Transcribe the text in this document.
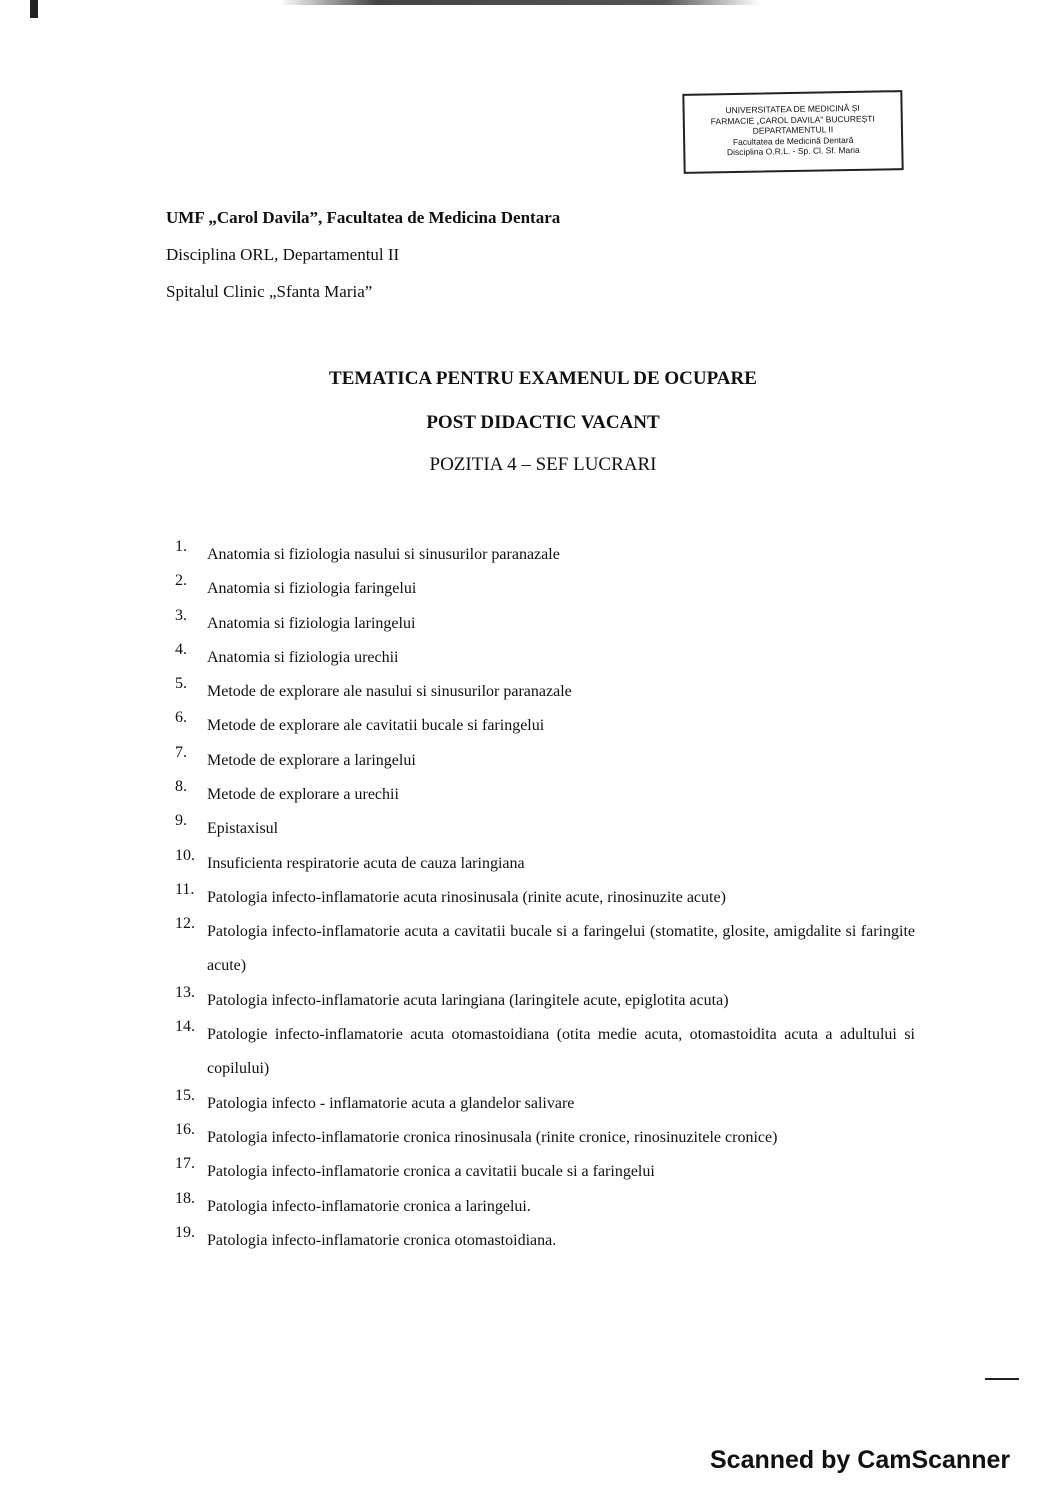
UNIVERSITATEA DE MEDICINĂ ȘI
FARMACIE „CAROL DAVILA" BUCUREȘTI
DEPARTAMENTUL II
Facultatea de Medicină Dentară
Disciplina O.R.L. - Sp. Cl. Sf. Maria
UMF „Carol Davila”, Facultatea de Medicina Dentara
Disciplina ORL, Departamentul II
Spitalul Clinic „Sfanta Maria”
TEMATICA PENTRU EXAMENUL DE OCUPARE
POST DIDACTIC VACANT
POZITIA 4 – SEF LUCRARI
1.	Anatomia si fiziologia nasului si sinusurilor paranazale
2.	Anatomia si fiziologia faringelui
3.	Anatomia si fiziologia laringelui
4.	Anatomia si fiziologia urechii
5.	Metode de explorare ale nasului si sinusurilor paranazale
6.	Metode de explorare ale cavitatii bucale si faringelui
7.	Metode de explorare a laringelui
8.	Metode de explorare a urechii
9.	Epistaxisul
10. Insuficienta respiratorie acuta de cauza laringiana
11. Patologia infecto-inflamatorie acuta rinosinusala (rinite acute, rinosinuzite acute)
12. Patologia infecto-inflamatorie acuta a cavitatii bucale si a faringelui (stomatite, glosite, amigdalite si faringite acute)
13. Patologia infecto-inflamatorie acuta laringiana (laringitele acute, epiglotita acuta)
14. Patologie infecto-inflamatorie acuta otomastoidiana (otita medie acuta, otomastoidita acuta a adultului si copilului)
15. Patologia infecto - inflamatorie acuta a glandelor salivare
16. Patologia infecto-inflamatorie cronica rinosinusala (rinite cronice, rinosinuzitele cronice)
17. Patologia infecto-inflamatorie cronica a cavitatii bucale si a faringelui
18. Patologia infecto-inflamatorie cronica a laringelui.
19. Patologia infecto-inflamatorie cronica otomastoidiana.
Scanned by CamScanner
